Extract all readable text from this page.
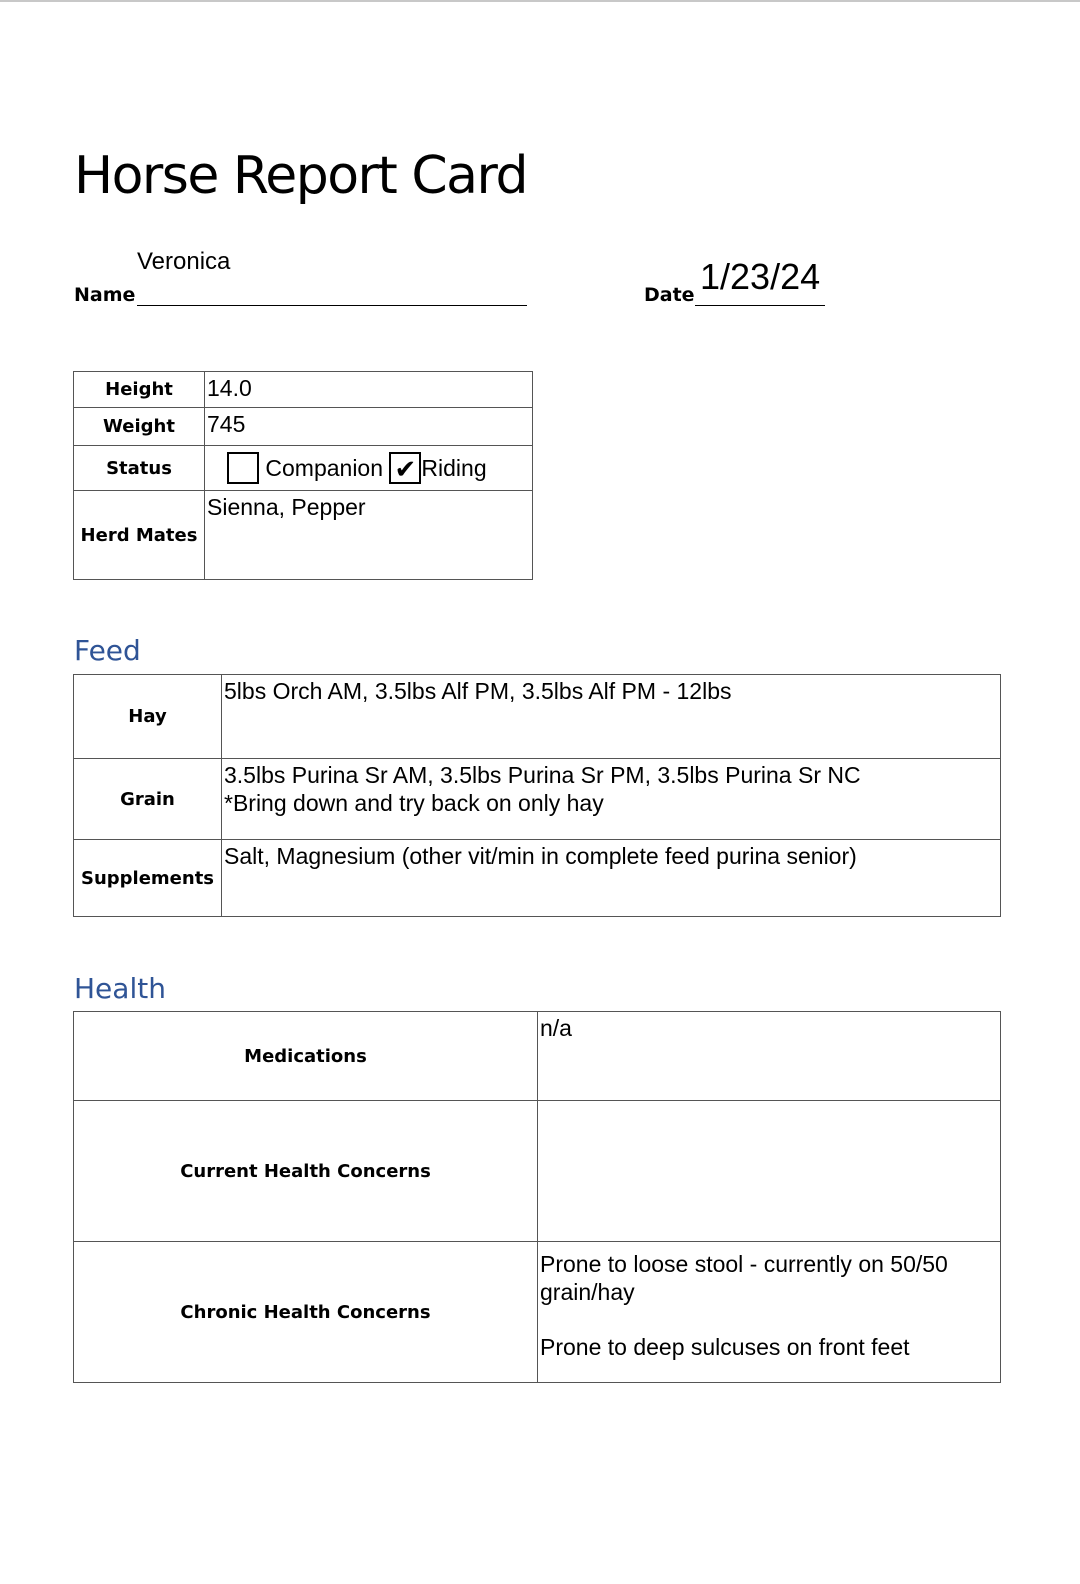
Horse Report Card
Veronica
Name	Date 1/23/24
Height	14.0
Weight	745
Status	Companion ✔ Riding
Herd Mates	Sienna, Pepper
Feed
Hay	5lbs Orch AM, 3.5lbs Alf PM, 3.5lbs Alf PM - 12lbs
Grain	3.5lbs Purina Sr AM, 3.5lbs Purina Sr PM, 3.5lbs Purina Sr NC
*Bring down and try back on only hay

Supplements	Salt, Magnesium (other vit/min in complete feed purina senior)
Health
Medications	n/a
Current Health Concerns	
Chronic Health Concerns	Prone to loose stool - currently on 50/50 grain/hay
Prone to deep sulcuses on front feet
